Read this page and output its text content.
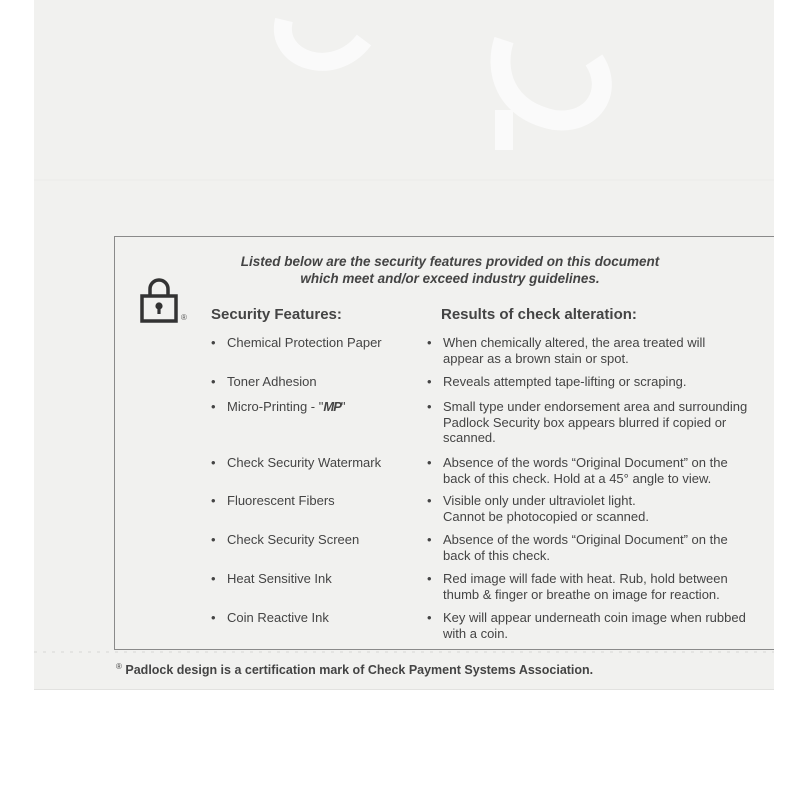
Listed below are the security features provided on this document
which meet and/or exceed industry guidelines.
® Security Features:	Results of check alteration:
• Chemical Protection Paper	• When chemically altered, the area treated will
appear as a brown stain or spot.
• Toner Adhesion	• Reveals attempted tape-lifting or scraping.
• Micro-Printing - "MP"	• Small type under endorsement area and surrounding
Padlock Security box appears blurred if copied or
scanned.
• Check Security Watermark	• Absence of the words “Original Document” on the
back of this check. Hold at a 45° angle to view.
• Fluorescent Fibers	• Visible only under ultraviolet light.
Cannot be photocopied or scanned.
• Check Security Screen	• Absence of the words “Original Document” on the
back of this check.
• Heat Sensitive Ink	• Red image will fade with heat. Rub, hold between
thumb & finger or breathe on image for reaction.
• Coin Reactive Ink	• Key will appear underneath coin image when rubbed
with a coin.
® Padlock design is a certification mark of Check Payment Systems Association.
